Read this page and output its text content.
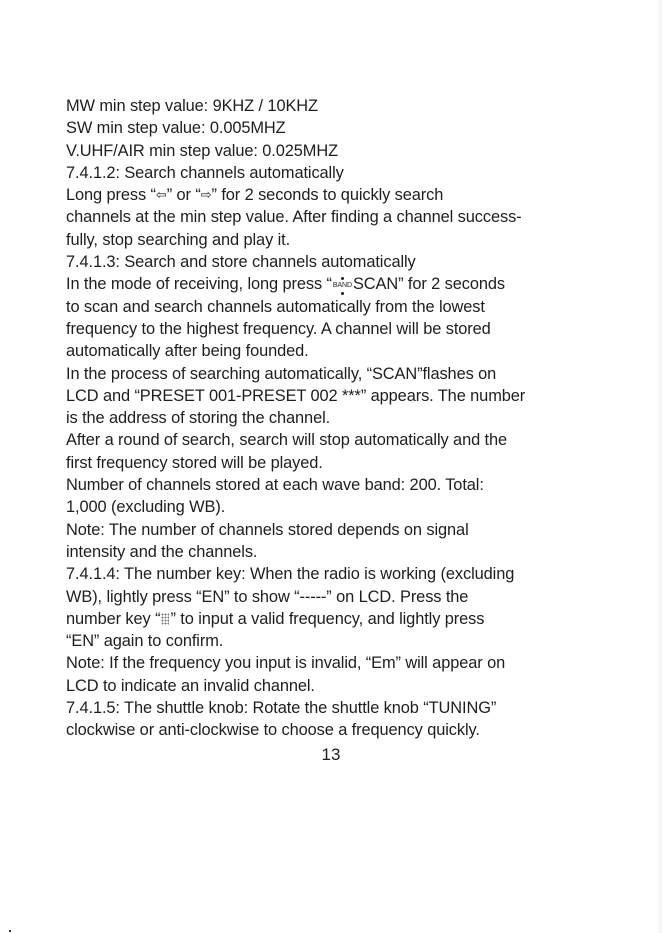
MW min step value: 9KHZ / 10KHZ
SW min step value: 0.005MHZ
V.UHF/AIR min step value: 0.025MHZ
7.4.1.2: Search channels automatically
Long press “⇦” or “⇨” for 2 seconds to quickly search
channels at the min step value. After finding a channel success-
fully, stop searching and play it.
7.4.1.3: Search and store channels automatically
In the mode of receiving, long press “BANDSCAN” for 2 seconds
to scan and search channels automatically from the lowest
frequency to the highest frequency. A channel will be stored
automatically after being founded.
In the process of searching automatically, “SCAN”flashes on
LCD and “PRESET 001-PRESET 002 ***” appears. The number
is the address of storing the channel.
After a round of search, search will stop automatically and the
first frequency stored will be played.
Number of channels stored at each wave band: 200. Total:
1,000 (excluding WB).
Note: The number of channels stored depends on signal
intensity and the channels.
7.4.1.4: The number key: When the radio is working (excluding
WB), lightly press “EN” to show “-----” on LCD. Press the
number key “ ” to input a valid frequency, and lightly press
“EN” again to confirm.
Note: If the frequency you input is invalid, “Em” will appear on
LCD to indicate an invalid channel.
7.4.1.5: The shuttle knob: Rotate the shuttle knob “TUNING”
clockwise or anti-clockwise to choose a frequency quickly.
13
